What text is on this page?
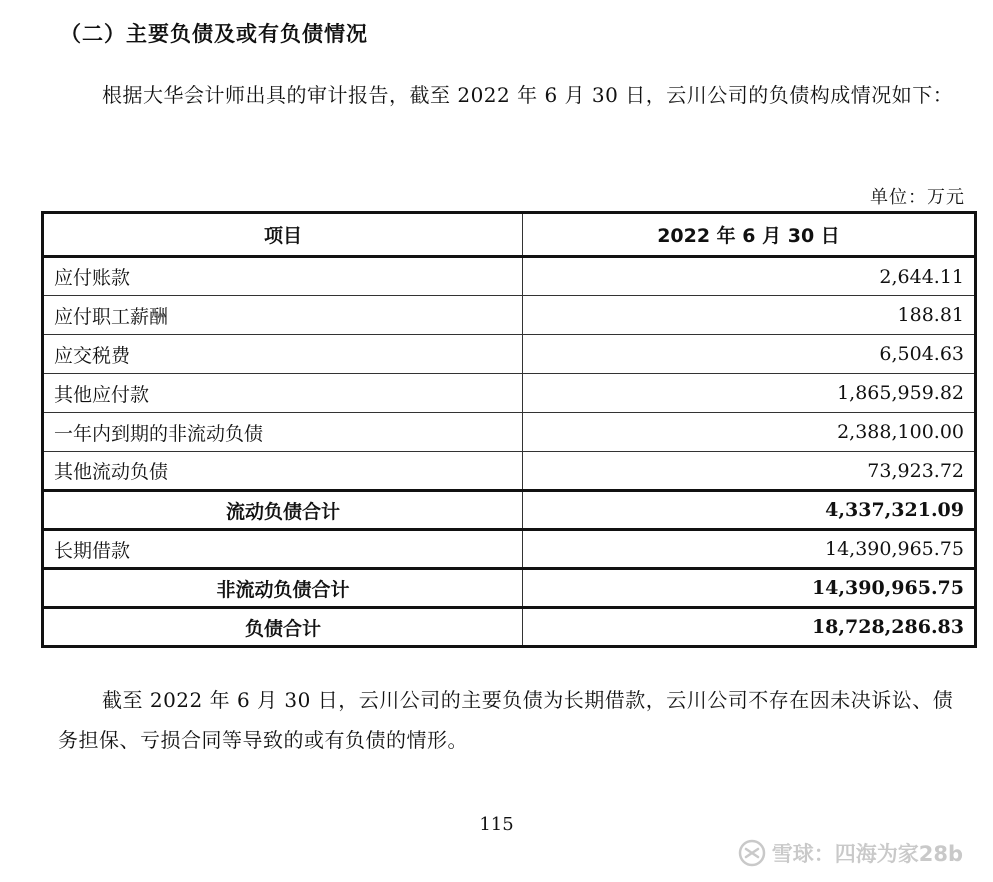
（二）主要负债及或有负债情况

根据大华会计师出具的审计报告，截至 2022 年 6 月 30 日，云川公司的负债构成情况如下：

单位：万元
项目	2022 年 6 月 30 日
应付账款	2,644.11
应付职工薪酬	188.81
应交税费	6,504.63
其他应付款	1,865,959.82
一年内到期的非流动负债	2,388,100.00
其他流动负债	73,923.72
流动负债合计	4,337,321.09
长期借款	14,390,965.75
非流动负债合计	14,390,965.75
负债合计	18,728,286.83

截至 2022 年 6 月 30 日，云川公司的主要负债为长期借款，云川公司不存在因未决诉讼、债务担保、亏损合同等导致的或有负债的情形。

115
雪球：四海为家28b
